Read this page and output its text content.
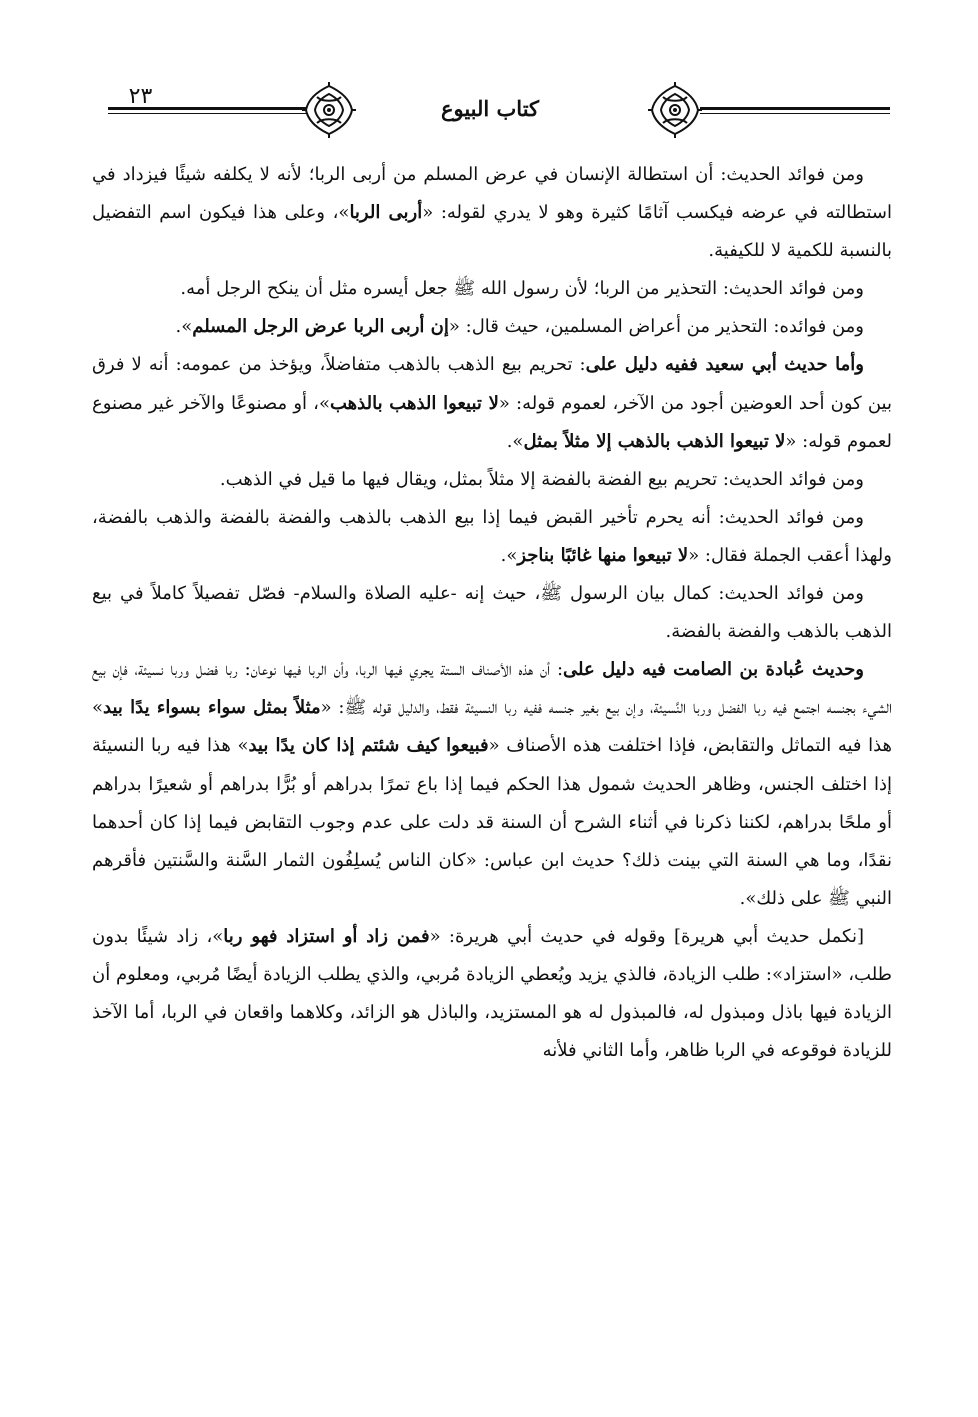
٢٣	كتاب البيوع

ومن فوائد الحديث: أن استطالة الإنسان في عرض المسلم من أربى الربا؛ لأنه لا يكلفه شيئًا فيزداد في استطالته في عرضه فيكسب آثامًا كثيرة وهو لا يدري لقوله: «أربى الربا»، وعلى هذا فيكون اسم التفضيل بالنسبة للكمية لا للكيفية.

ومن فوائد الحديث: التحذير من الربا؛ لأن رسول الله ﷺ جعل أيسره مثل أن ينكح الرجل أمه.

ومن فوائده: التحذير من أعراض المسلمين، حيث قال: «إن أربى الربا عرض الرجل المسلم».

وأما حديث أبي سعيد ففيه دليل على: تحريم بيع الذهب بالذهب متفاضلاً، ويؤخذ من عمومه: أنه لا فرق بين كون أحد العوضين أجود من الآخر، لعموم قوله: «لا تبيعوا الذهب بالذهب»، أو مصنوعًا والآخر غير مصنوع لعموم قوله: «لا تبيعوا الذهب بالذهب إلا مثلاً بمثل».

ومن فوائد الحديث: تحريم بيع الفضة بالفضة إلا مثلاً بمثل، ويقال فيها ما قيل في الذهب.

ومن فوائد الحديث: أنه يحرم تأخير القبض فيما إذا بيع الذهب بالذهب والفضة بالفضة والذهب بالفضة، ولهذا أعقب الجملة فقال: «لا تبيعوا منها غائبًا بناجز».

ومن فوائد الحديث: كمال بيان الرسول ﷺ، حيث إنه -عليه الصلاة والسلام- فصّل تفصيلاً كاملاً في بيع الذهب بالذهب والفضة بالفضة.

وحديث عُبادة بن الصامت فيه دليل على: أن هذه الأصناف الستة يجري فيها الربا، وأن الربا فيها نوعان: ربا فضل وربا نسيئة، فإن بيع الشيء بجنسه اجتمع فيه ربا الفضل وربا النَّسيئة، وإن بيع بغير جنسه ففيه ربا النسيئة فقط، والدليل قوله ﷺ: «مثلاً بمثل سواء بسواء يدًا بيد» هذا فيه التماثل والتقابض، فإذا اختلفت هذه الأصناف «فبيعوا كيف شئتم إذا كان يدًا بيد» هذا فيه ربا النسيئة إذا اختلف الجنس، وظاهر الحديث شمول هذا الحكم فيما إذا باع تمرًا بدراهم أو بُرًّا بدراهم أو شعيرًا بدراهم أو ملحًا بدراهم، لكننا ذكرنا في أثناء الشرح أن السنة قد دلت على عدم وجوب التقابض فيما إذا كان أحدهما نقدًا، وما هي السنة التي بينت ذلك؟ حديث ابن عباس: «كان الناس يُسلِفُون الثمار السَّنة والسَّنتين فأقرهم النبي ﷺ على ذلك».

[نكمل حديث أبي هريرة] وقوله في حديث أبي هريرة: «فمن زاد أو استزاد فهو ربا»، زاد شيئًا بدون طلب، «استزاد»: طلب الزيادة، فالذي يزيد ويُعطي الزيادة مُربي، والذي يطلب الزيادة أيضًا مُربي، ومعلوم أن الزيادة فيها باذل ومبذول له، فالمبذول له هو المستزيد، والباذل هو الزائد، وكلاهما واقعان في الربا، أما الآخذ للزيادة فوقوعه في الربا ظاهر، وأما الثاني فلأنه
